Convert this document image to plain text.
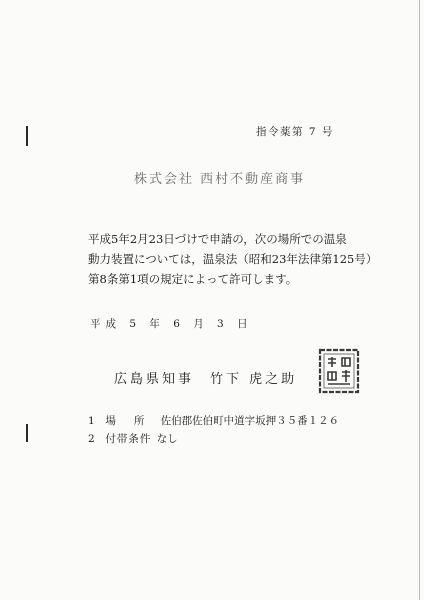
指令薬第 7 号
株式会社 西村不動産商事
平成5年2月23日づけで申請の，次の場所での温泉
動力装置については，温泉法（昭和23年法律第125号）
第8条第1項の規定によって許可します。
平成 5 年 6 月 3 日
広島県知事　竹下 虎之助
1 場所 佐伯郡佐伯町中道字坂押３５番１２６
2 付帯条件 なし
